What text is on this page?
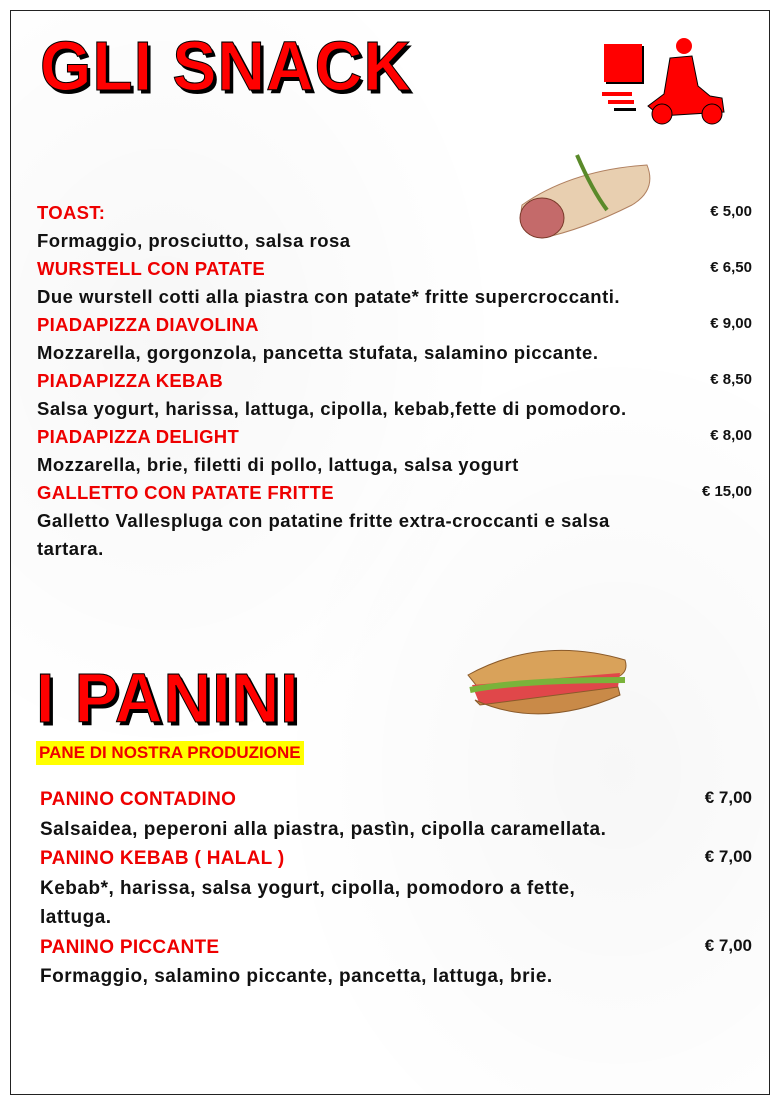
GLI SNACK
TOAST:
Formaggio, prosciutto, salsa rosa
€ 5,00
WURSTELL CON PATATE
Due wurstell cotti alla piastra con patate* fritte supercroccanti.
€ 6,50
PIADAPIZZA DIAVOLINA
Mozzarella, gorgonzola, pancetta stufata, salamino piccante.
€ 9,00
PIADAPIZZA KEBAB
Salsa yogurt, harissa, lattuga, cipolla, kebab,fette di pomodoro.
€ 8,50
PIADAPIZZA DELIGHT
Mozzarella, brie, filetti di pollo, lattuga, salsa yogurt
€ 8,00
GALLETTO CON PATATE FRITTE
Galletto Vallespluga con patatine fritte extra-croccanti e salsa tartara.
€ 15,00
I PANINI
PANE DI NOSTRA PRODUZIONE
PANINO CONTADINO
Salsaidea, peperoni alla piastra, pastìn, cipolla caramellata.
€ 7,00
PANINO KEBAB ( HALAL )
Kebab*, harissa, salsa yogurt, cipolla, pomodoro a fette, lattuga.
€ 7,00
PANINO PICCANTE
Formaggio, salamino piccante, pancetta, lattuga, brie.
€ 7,00
